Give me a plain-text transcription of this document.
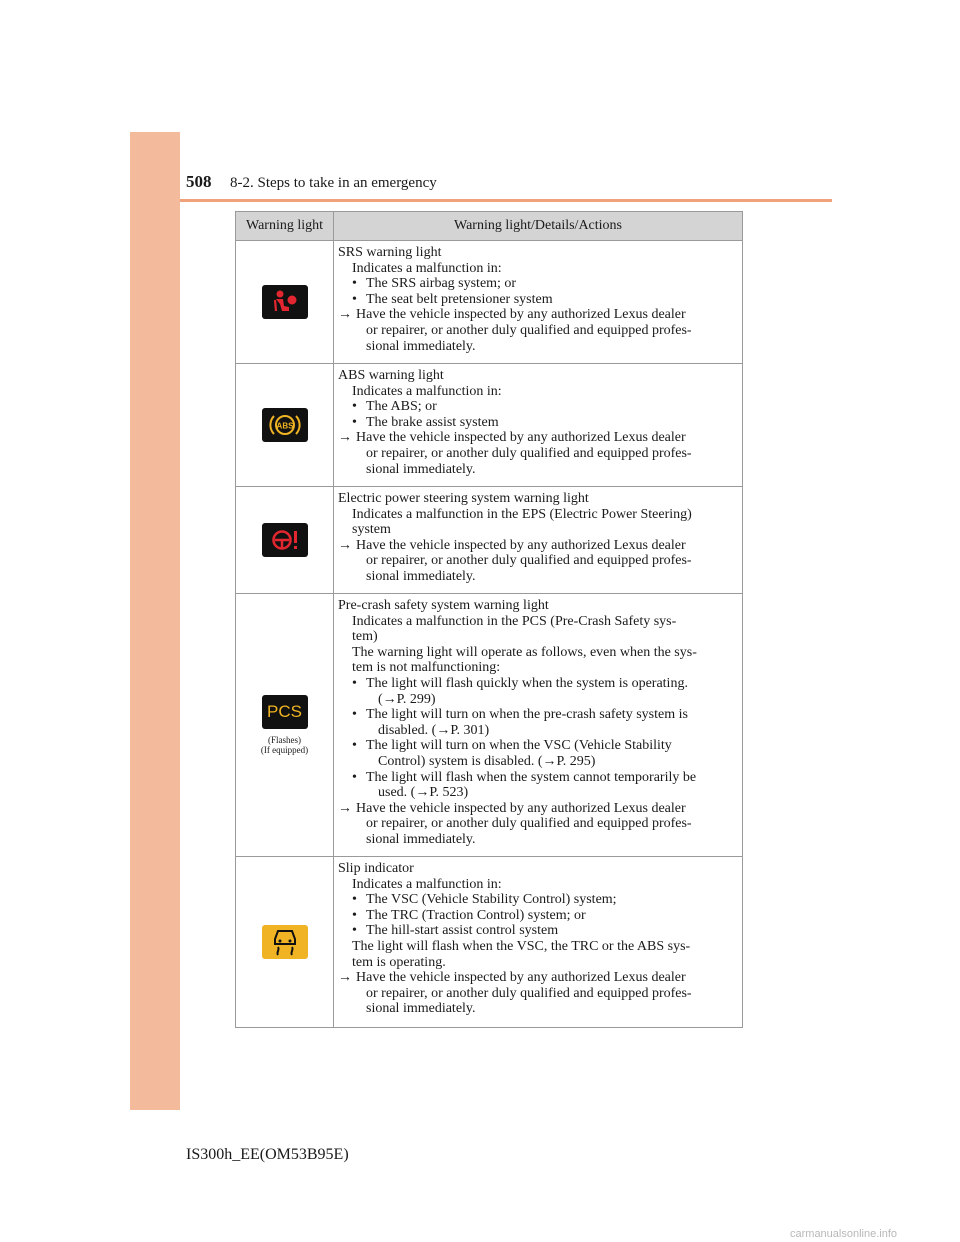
508 8-2. Steps to take in an emergency
Warning light	Warning light/Details/Actions
SRS warning light
Indicates a malfunction in:
• The SRS airbag system; or
• The seat belt pretensioner system
→ Have the vehicle inspected by any authorized Lexus dealer
or repairer, or another duly qualified and equipped profes-
sional immediately.
ABS
ABS warning light
Indicates a malfunction in:
• The ABS; or
• The brake assist system
→ Have the vehicle inspected by any authorized Lexus dealer
or repairer, or another duly qualified and equipped profes-
sional immediately.
Electric power steering system warning light
Indicates a malfunction in the EPS (Electric Power Steering)
system
→ Have the vehicle inspected by any authorized Lexus dealer
or repairer, or another duly qualified and equipped profes-
sional immediately.
PCS
(Flashes)
(If equipped)
Pre-crash safety system warning light
Indicates a malfunction in the PCS (Pre-Crash Safety sys-
tem)
The warning light will operate as follows, even when the sys-
tem is not malfunctioning:
• The light will flash quickly when the system is operating.
(→P. 299)
• The light will turn on when the pre-crash safety system is
disabled. (→P. 301)
• The light will turn on when the VSC (Vehicle Stability
Control) system is disabled. (→P. 295)
• The light will flash when the system cannot temporarily be
used. (→P. 523)
→ Have the vehicle inspected by any authorized Lexus dealer
or repairer, or another duly qualified and equipped profes-
sional immediately.
Slip indicator
Indicates a malfunction in:
• The VSC (Vehicle Stability Control) system;
• The TRC (Traction Control) system; or
• The hill-start assist control system
The light will flash when the VSC, the TRC or the ABS sys-
tem is operating.
→ Have the vehicle inspected by any authorized Lexus dealer
or repairer, or another duly qualified and equipped profes-
sional immediately.
IS300h_EE(OM53B95E)
carmanualsonline.info
